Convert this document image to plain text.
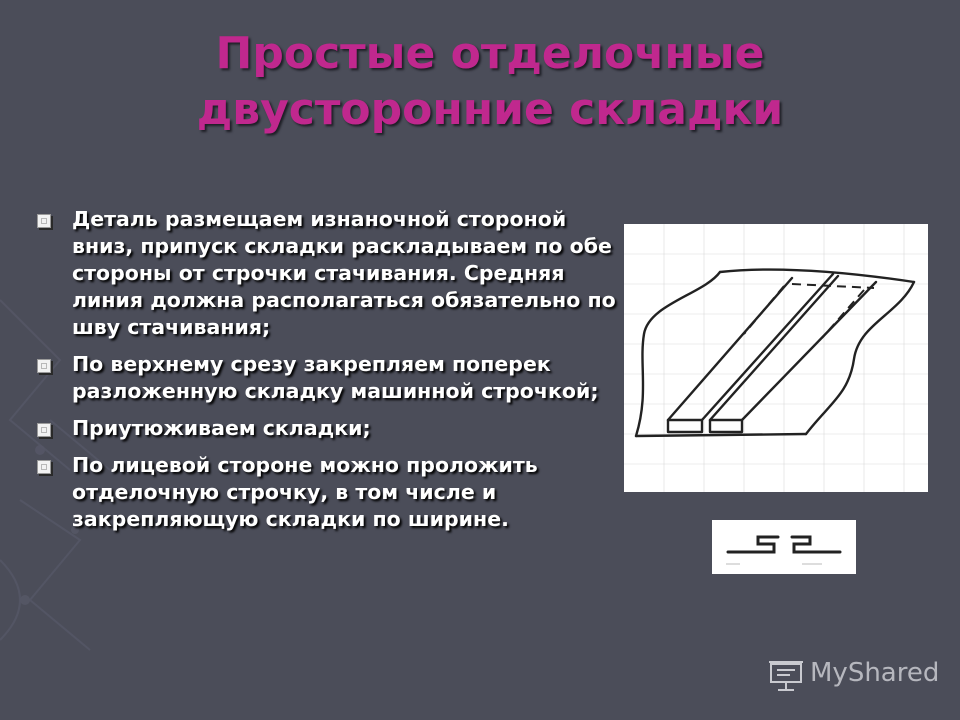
Простые отделочные
двусторонние складки
Деталь размещаем изнаночной стороной вниз, припуск складки раскладываем по обе стороны от строчки стачивания. Средняя линия должна располагаться обязательно по шву стачивания;
По верхнему срезу закрепляем поперек разложенную складку машинной строчкой;
Приутюживаем складки;
По лицевой стороне можно проложить отделочную строчку, в том числе и закрепляющую складки по ширине.
MyShared
